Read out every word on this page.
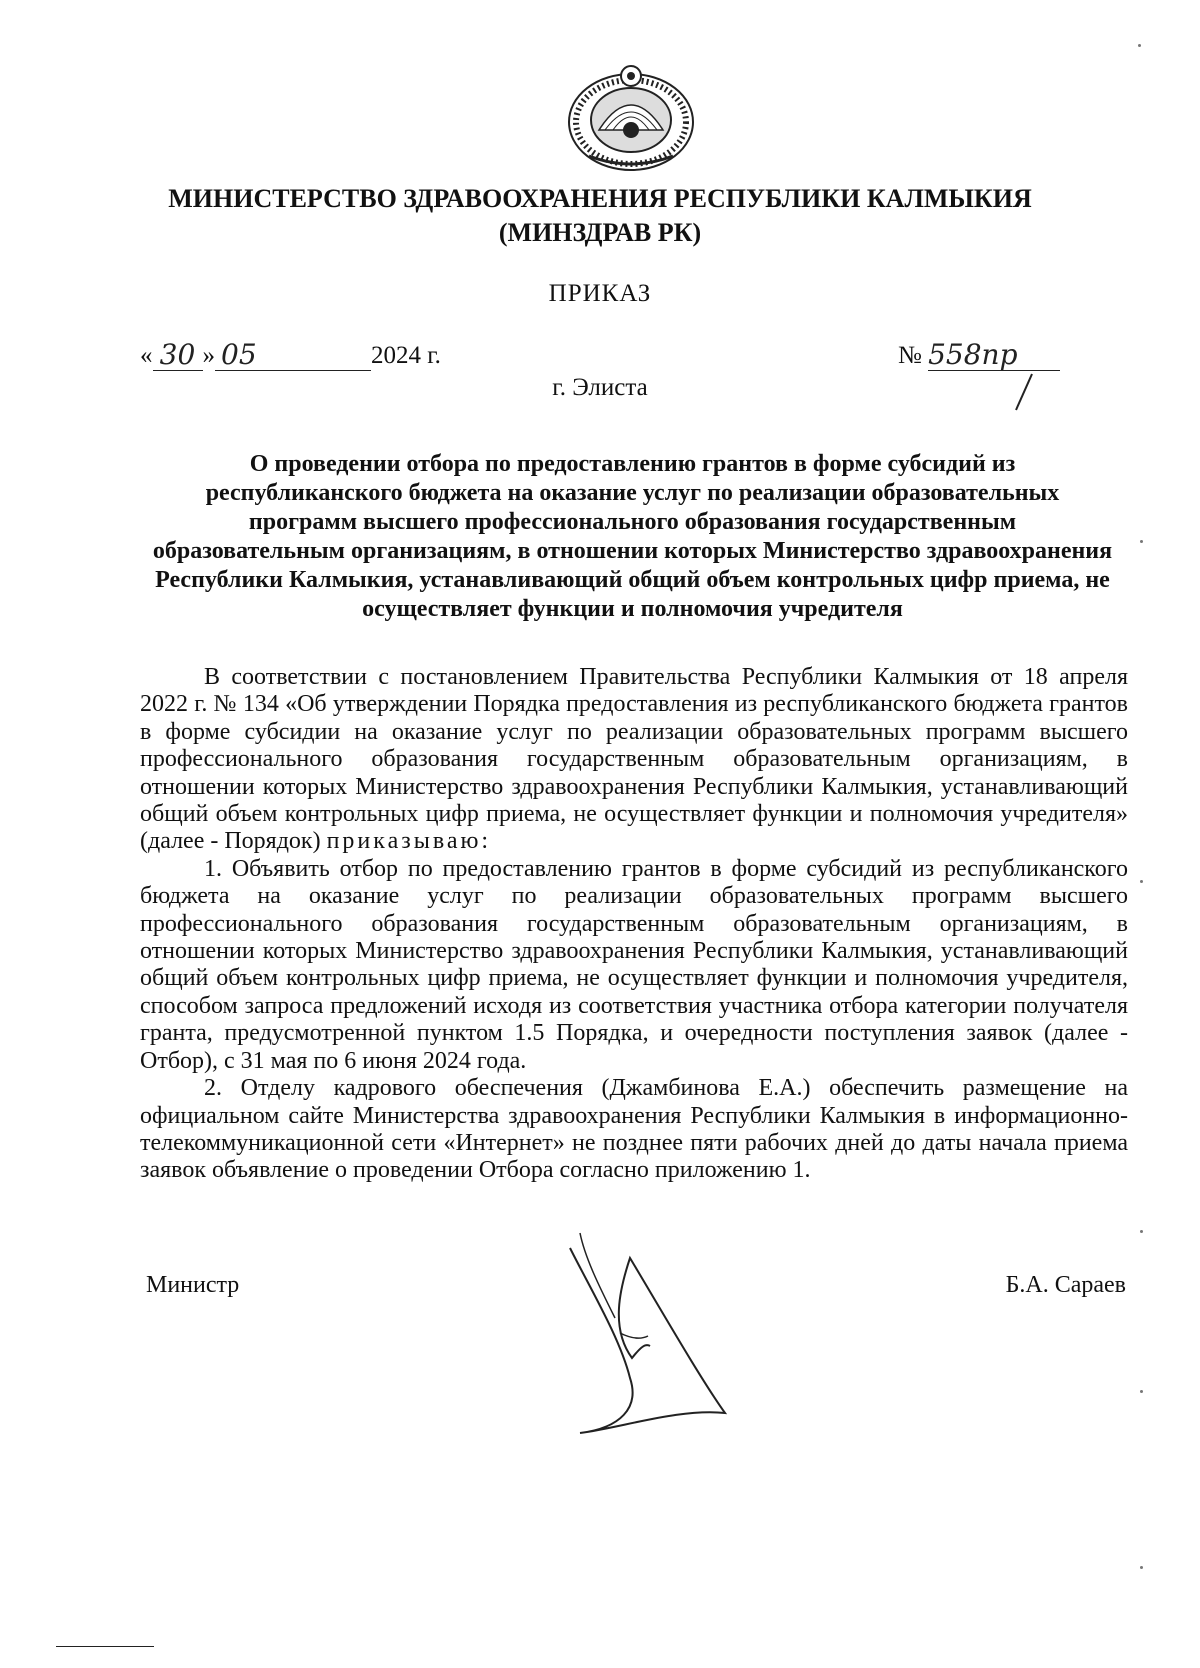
МИНИСТЕРСТВО ЗДРАВООХРАНЕНИЯ РЕСПУБЛИКИ КАЛМЫКИЯ
(МИНЗДРАВ РК)
ПРИКАЗ
« 30 » 05	2024 г.	№ 558пр
г. Элиста
О проведении отбора по предоставлению грантов в форме субсидий из республиканского бюджета на оказание услуг по реализации образовательных программ высшего профессионального образования государственным образовательным организациям, в отношении которых Министерство здравоохранения Республики Калмыкия, устанавливающий общий объем контрольных цифр приема, не осуществляет функции и полномочия учредителя

В соответствии с постановлением Правительства Республики Калмыкия от 18 апреля 2022 г. № 134 «Об утверждении Порядка предоставления из республиканского бюджета грантов в форме субсидии на оказание услуг по реализации образовательных программ высшего профессионального образования государственным образовательным организациям, в отношении которых Министерство здравоохранения Республики Калмыкия, устанавливающий общий объем контрольных цифр приема, не осуществляет функции и полномочия учредителя» (далее - Порядок) приказываю:

1. Объявить отбор по предоставлению грантов в форме субсидий из республиканского бюджета на оказание услуг по реализации образовательных программ высшего профессионального образования государственным образовательным организациям, в отношении которых Министерство здравоохранения Республики Калмыкия, устанавливающий общий объем контрольных цифр приема, не осуществляет функции и полномочия учредителя, способом запроса предложений исходя из соответствия участника отбора категории получателя гранта, предусмотренной пунктом 1.5 Порядка, и очередности поступления заявок (далее - Отбор), с 31 мая по 6 июня 2024 года.

2. Отделу кадрового обеспечения (Джамбинова Е.А.) обеспечить размещение на официальном сайте Министерства здравоохранения Республики Калмыкия в информационно-телекоммуникационной сети «Интернет» не позднее пяти рабочих дней до даты начала приема заявок объявление о проведении Отбора согласно приложению 1.

Министр	Б.А. Сараев
